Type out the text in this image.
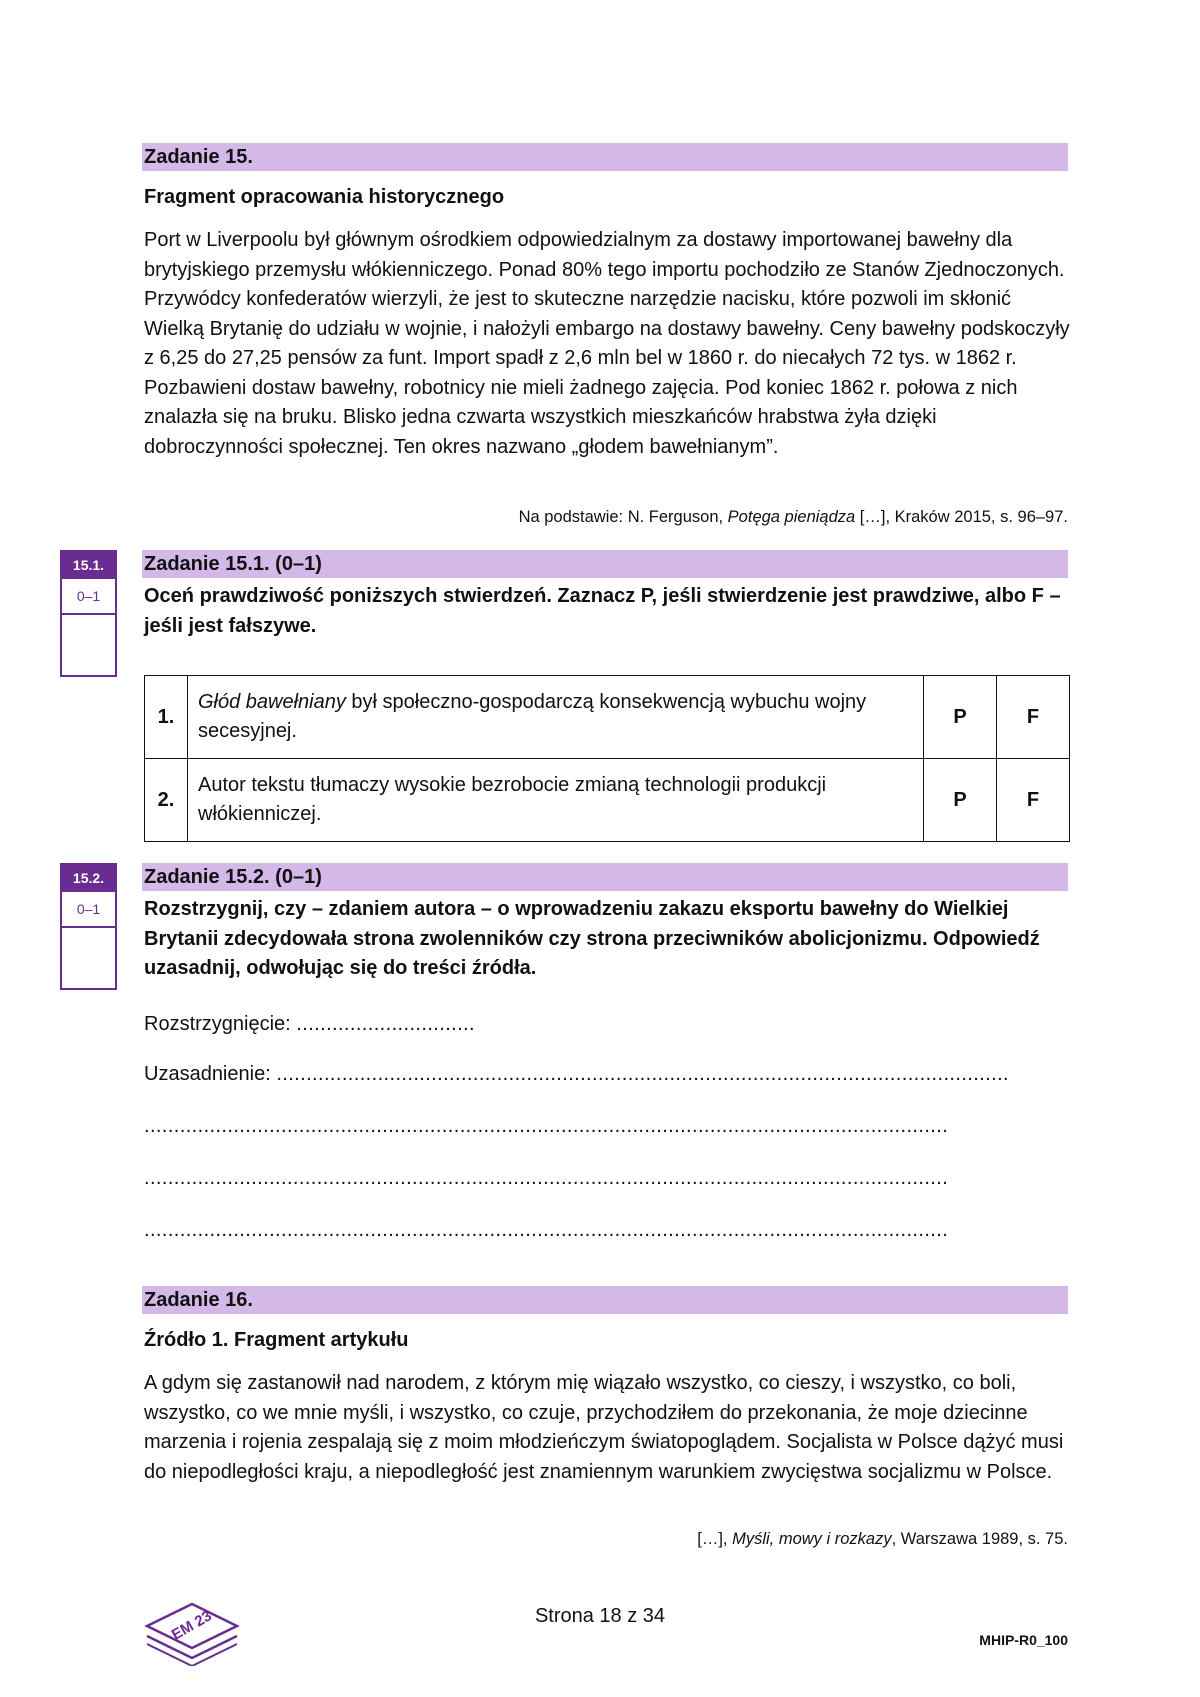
Zadanie 15.
Fragment opracowania historycznego

Port w Liverpoolu był głównym ośrodkiem odpowiedzialnym za dostawy importowanej bawełny dla brytyjskiego przemysłu włókienniczego. Ponad 80% tego importu pochodziło ze Stanów Zjednoczonych. Przywódcy konfederatów wierzyli, że jest to skuteczne narzędzie nacisku, które pozwoli im skłonić Wielką Brytanię do udziału w wojnie, i nałożyli embargo na dostawy bawełny. Ceny bawełny podskoczyły z 6,25 do 27,25 pensów za funt. Import spadł z 2,6 mln bel w 1860 r. do niecałych 72 tys. w 1862 r. Pozbawieni dostaw bawełny, robotnicy nie mieli żadnego zajęcia. Pod koniec 1862 r. połowa z nich znalazła się na bruku. Blisko jedna czwarta wszystkich mieszkańców hrabstwa żyła dzięki dobroczynności społecznej. Ten okres nazwano „głodem bawełnianym”.

Na podstawie: N. Ferguson, Potęga pieniądza […], Kraków 2015, s. 96–97.
15.1.
0–1
Zadanie 15.1. (0–1)

Oceń prawdziwość poniższych stwierdzeń. Zaznacz P, jeśli stwierdzenie jest prawdziwe, albo F – jeśli jest fałszywe.

1.	Głód bawełniany był społeczno-gospodarczą konsekwencją wybuchu wojny secesyjnej.	P	F
2.	Autor tekstu tłumaczy wysokie bezrobocie zmianą technologii produkcji włókienniczej.	P	F
15.2.
0–1
Zadanie 15.2. (0–1)

Rozstrzygnij, czy – zdaniem autora – o wprowadzeniu zakazu eksportu bawełny do Wielkiej Brytanii zdecydowała strona zwolenników czy strona przeciwników abolicjonizmu. Odpowiedź uzasadnij, odwołując się do treści źródła.

Rozstrzygnięcie: ..............................
Uzasadnienie: ...........................................................................................................................
.......................................................................................................................................
.......................................................................................................................................
.......................................................................................................................................
Zadanie 16.
Źródło 1. Fragment artykułu

A gdym się zastanowił nad narodem, z którym mię wiązało wszystko, co cieszy, i wszystko, co boli, wszystko, co we mnie myśli, i wszystko, co czuje, przychodziłem do przekonania, że moje dziecinne marzenia i rojenia zespalają się z moim młodzieńczym światopoglądem. Socjalista w Polsce dążyć musi do niepodległości kraju, a niepodległość jest znamiennym warunkiem zwycięstwa socjalizmu w Polsce.

[…], Myśli, mowy i rozkazy, Warszawa 1989, s. 75.
EM 23	Strona 18 z 34
MHIP-R0_100
